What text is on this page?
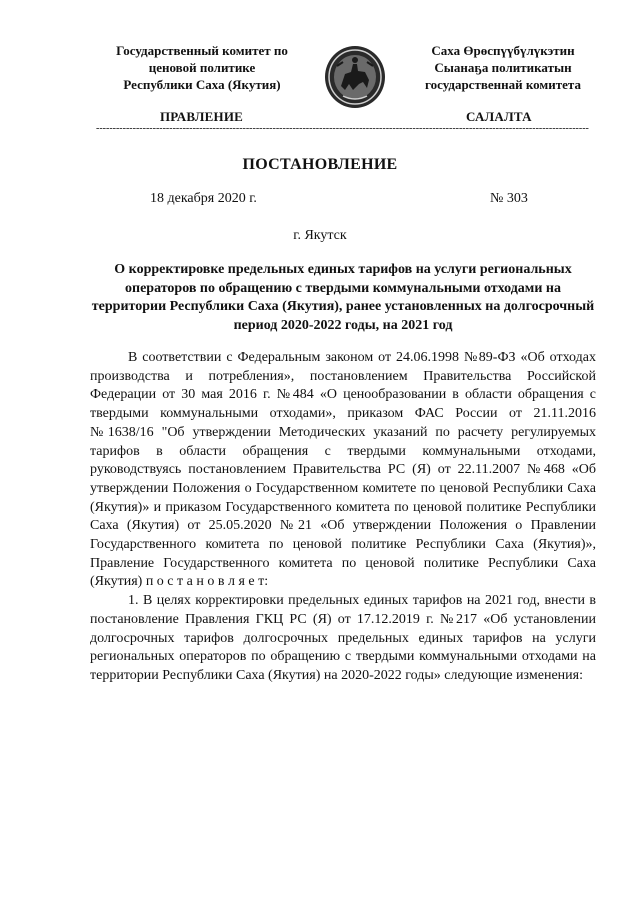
Государственный комитет по
ценовой политике
Республики Саха (Якутия)
Саха Өрөспүүбүлүкэтин
Сыанаҕа политикатын
государственнай комитета
ПРАВЛЕНИЕ	САЛАЛТА
----------------------------------------------------------------------------------------------------------------------------------------------------
ПОСТАНОВЛЕНИЕ
18 декабря 2020 г.	№ 303
г. Якутск
О корректировке предельных единых тарифов на услуги региональных операторов по обращению с твердыми коммунальными отходами на территории Республики Саха (Якутия), ранее установленных на долгосрочный период 2020-2022 годы, на 2021 год

В соответствии с Федеральным законом от 24.06.1998 №89-ФЗ «Об отходах производства и потребления», постановлением Правительства Российской Федерации от 30 мая 2016 г. №484 «О ценообразовании в области обращения с твердыми коммунальными отходами», приказом ФАС России от 21.11.2016 №1638/16 "Об утверждении Методических указаний по расчету регулируемых тарифов в области обращения с твердыми коммунальными отходами, руководствуясь постановлением Правительства РС (Я) от 22.11.2007 №468 «Об утверждении Положения о Государственном комитете по ценовой Республики Саха (Якутия)» и приказом Государственного комитета по ценовой политике Республики Саха (Якутия) от 25.05.2020 №21 «Об утверждении Положения о Правлении Государственного комитета по ценовой политике Республики Саха (Якутия)», Правление Государственного комитета по ценовой политике Республики Саха (Якутия) п о с т а н о в л я е т:

1. В целях корректировки предельных единых тарифов на 2021 год, внести в постановление Правления ГКЦ РС (Я) от 17.12.2019 г. №217 «Об установлении долгосрочных тарифов долгосрочных предельных единых тарифов на услуги региональных операторов по обращению с твердыми коммунальными отходами на территории Республики Саха (Якутия) на 2020-2022 годы» следующие изменения:
